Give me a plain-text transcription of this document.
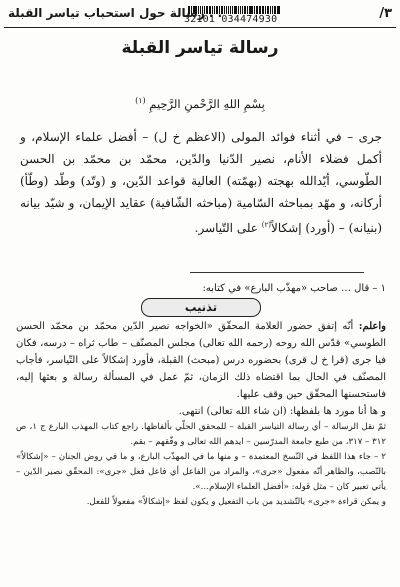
٣/
32101 034474930
. . رسالة حول استحباب تياسر القبلة
رسالة تياسر القبلة
بِسْمِ اللهِ الرَّحْمنِ الرَّحِيمِ $^{(١)}$

جرى – في أثناء فوائد المولى (الاعظم خ ل) – أفضل علماء الإسلام، و أكمل فضلاء الأنام، نصير الدّنيا والدّين، محمّد بن محمّد بن الحسن الطّوسي، أيّدالله بهجته (بهمّته) العالية قواعد الدّين، و (وتّد) وطّد (وطّأ) أركانه، و مهّد بمباحثه السّامية (مباحثه الشّافية) عقايد الإيمان، و شيّد بيانه (بنيانه) – (أورد) إشكالاً$^{(٢)}$ على التّياسر.

١ – قال … صاحب «مهذّب البارع» في كتابه:

تذنيب

واعلم: أنّه إتفق حضور العلامة المحقّق «الخواجه نصير الدّين محمّد بن محمّد الحسن الطوسي» قدّس الله روحه (رحمه الله تعالى) مجلس المصنّف – طاب ثراه – درسه، فكان فيا جرى (قرا خ ل قرى) بحضوره درس (مبحث) القبلة، فأورد إشكالاً على التّياسر، فأجاب المصنّف في الحال بما اقتضاه ذلك الزمان، ثمّ عمل في المسألة رسالة و بعثها إليه، فاستحسنها المحقّق حين وقف عليها.

و ها أنا مورد ها بلفظها: (ان شاء الله تعالى) انتهى.

ثمّ نقل الرسالة – أي رسالة التياسر القبلة – للمحقق الحلّي بألفاظها. راجع كتاب المهذب البارع ج ١، ص ٣١٢ – ٣١٧، من طبع جامعة المدرّسين – ايدهم الله تعالى و وفّقهم – بقم.

٢ – جاء هذا اللفظ في النّسخ المعتمدة – و منها ما في المهذّب البارع، و ما في روض الجنان – «إشكالاً» بالنّصب، والظاهر أنّه مفعول «جرى»، والمراد من الفاعل أي فاعل فعل «جرى»: المحقّق نصير الدّين – يأتي تعبير كان – مثل قوله: «أفضل العلماء الإسلام…».

و يمكن قراءة «جرى» بالتّشديد من باب التفعيل و يكون لفظ «إشكالاً» مفعولاً للفعل.
